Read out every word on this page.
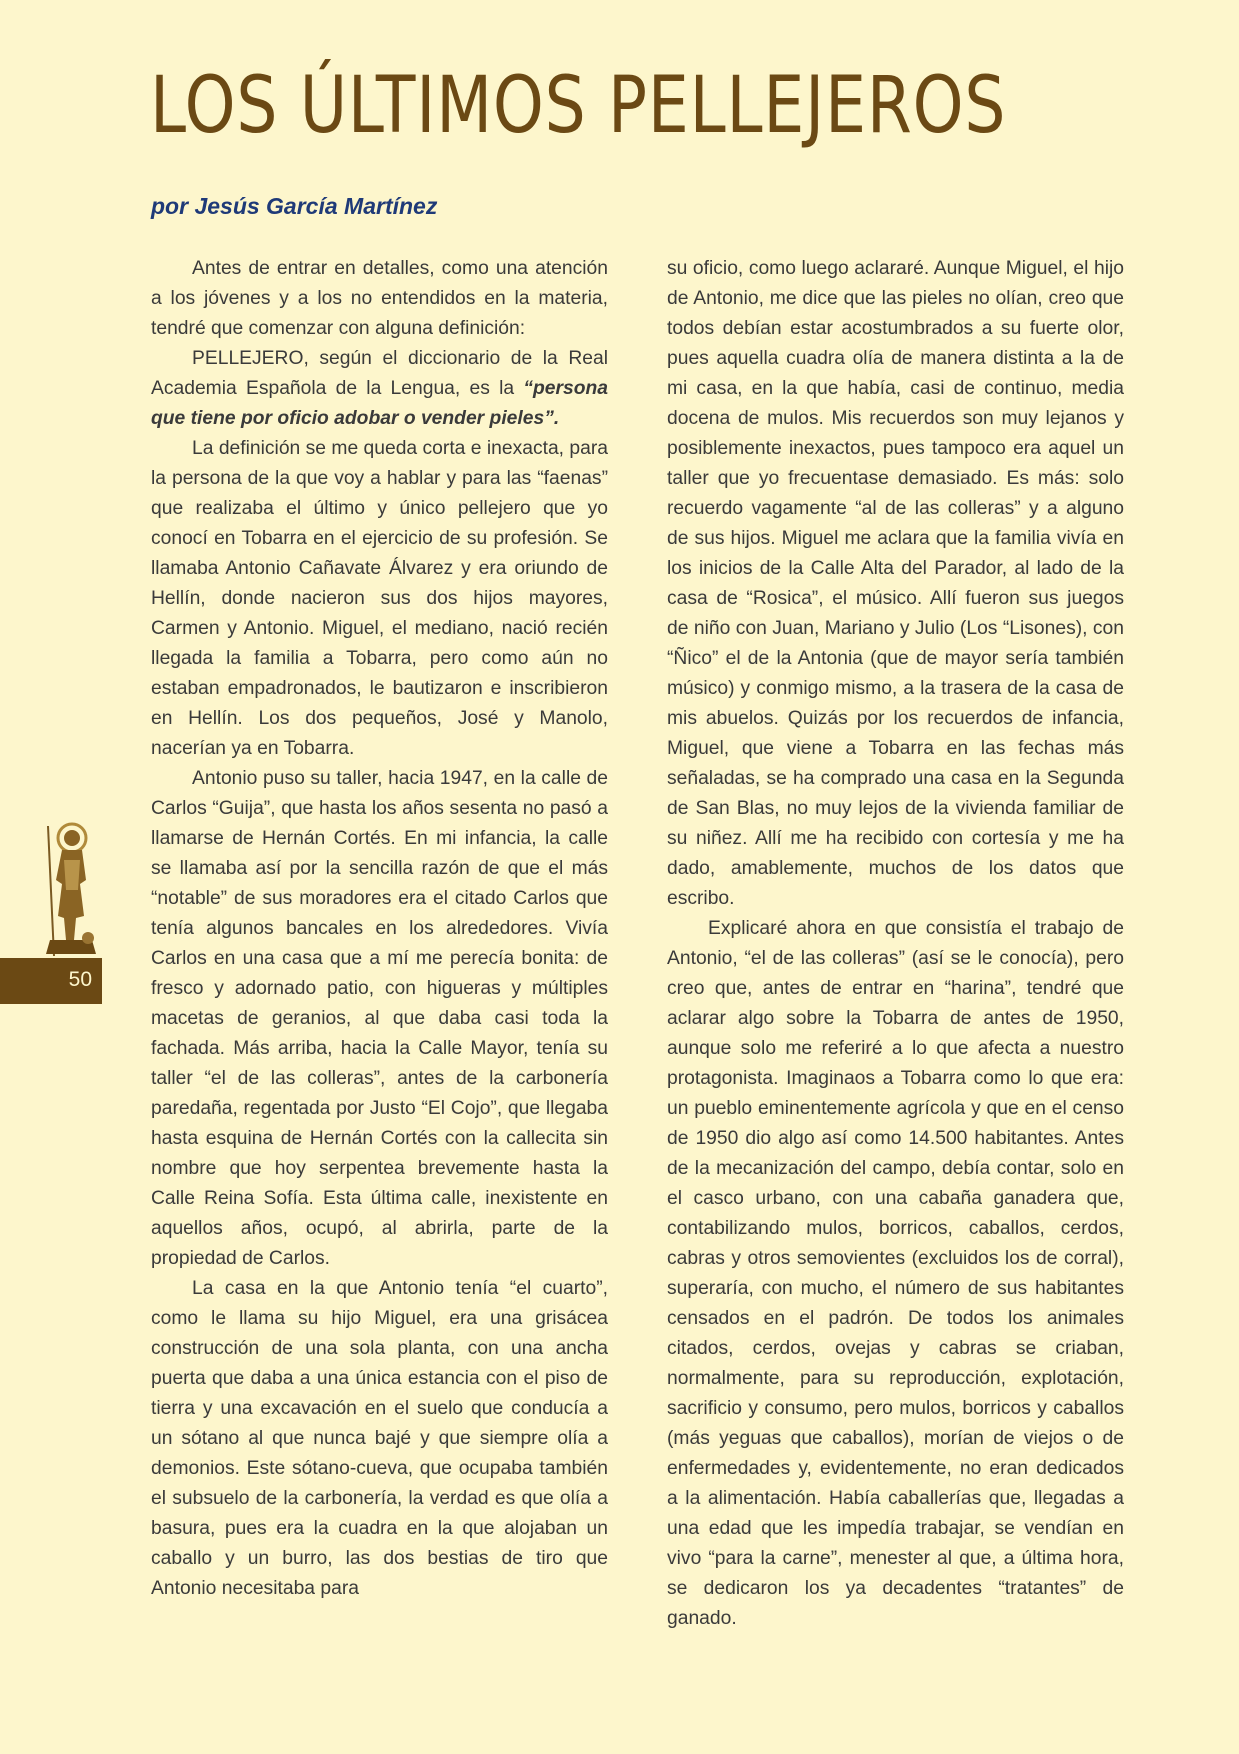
LOS ÚLTIMOS PELLEJEROS
por Jesús García Martínez

Antes de entrar en detalles, como una atención a los jóvenes y a los no entendidos en la materia, tendré que comenzar con alguna definición:

PELLEJERO, según el diccionario de la Real Academia Española de la Lengua, es la “persona que tiene por oficio adobar o vender pieles”.

La definición se me queda corta e inexacta, para la persona de la que voy a hablar y para las “faenas” que realizaba el último y único pellejero que yo conocí en Tobarra en el ejercicio de su profesión. Se llamaba Antonio Cañavate Álvarez y era oriundo de Hellín, donde nacieron sus dos hijos mayores, Carmen y Antonio. Miguel, el mediano, nació recién llegada la familia a Tobarra, pero como aún no estaban empadronados, le bautizaron e inscribieron en Hellín. Los dos pequeños, José y Manolo, nacerían ya en Tobarra.

Antonio puso su taller, hacia 1947, en la calle de Carlos “Guija”, que hasta los años sesenta no pasó a llamarse de Hernán Cortés. En mi infancia, la calle se llamaba así por la sencilla razón de que el más “notable” de sus moradores era el citado Carlos que tenía algunos bancales en los alrededores. Vivía Carlos en una casa que a mí me perecía bonita: de fresco y adornado patio, con higueras y múltiples macetas de geranios, al que daba casi toda la fachada. Más arriba, hacia la Calle Mayor, tenía su taller “el de las colleras”, antes de la carbonería paredaña, regentada por Justo “El Cojo”, que llegaba hasta esquina de Hernán Cortés con la callecita sin nombre que hoy serpentea brevemente hasta la Calle Reina Sofía. Esta última calle, inexistente en aquellos años, ocupó, al abrirla, parte de la propiedad de Carlos.

La casa en la que Antonio tenía “el cuarto”, como le llama su hijo Miguel, era una grisácea construcción de una sola planta, con una ancha puerta que daba a una única estancia con el piso de tierra y una excavación en el suelo que conducía a un sótano al que nunca bajé y que siempre olía a demonios. Este sótano-cueva, que ocupaba también el subsuelo de la carbonería, la verdad es que olía a basura, pues era la cuadra en la que alojaban un caballo y un burro, las dos bestias de tiro que Antonio necesitaba para

su oficio, como luego aclararé. Aunque Miguel, el hijo de Antonio, me dice que las pieles no olían, creo que todos debían estar acostumbrados a su fuerte olor, pues aquella cuadra olía de manera distinta a la de mi casa, en la que había, casi de continuo, media docena de mulos. Mis recuerdos son muy lejanos y posiblemente inexactos, pues tampoco era aquel un taller que yo frecuentase demasiado. Es más: solo recuerdo vagamente “al de las colleras” y a alguno de sus hijos. Miguel me aclara que la familia vivía en los inicios de la Calle Alta del Parador, al lado de la casa de “Rosica”, el músico. Allí fueron sus juegos de niño con Juan, Mariano y Julio (Los “Lisones), con “Ñico” el de la Antonia (que de mayor sería también músico) y conmigo mismo, a la trasera de la casa de mis abuelos. Quizás por los recuerdos de infancia, Miguel, que viene a Tobarra en las fechas más señaladas, se ha comprado una casa en la Segunda de San Blas, no muy lejos de la vivienda familiar de su niñez. Allí me ha recibido con cortesía y me ha dado, amablemente, muchos de los datos que escribo.

Explicaré ahora en que consistía el trabajo de Antonio, “el de las colleras” (así se le conocía), pero creo que, antes de entrar en “harina”, tendré que aclarar algo sobre la Tobarra de antes de 1950, aunque solo me referiré a lo que afecta a nuestro protagonista. Imaginaos a Tobarra como lo que era: un pueblo eminentemente agrícola y que en el censo de 1950 dio algo así como 14.500 habitantes. Antes de la mecanización del campo, debía contar, solo en el casco urbano, con una cabaña ganadera que, contabilizando mulos, borricos, caballos, cerdos, cabras y otros semovientes (excluidos los de corral), superaría, con mucho, el número de sus habitantes censados en el padrón. De todos los animales citados, cerdos, ovejas y cabras se criaban, normalmente, para su reproducción, explotación, sacrificio y consumo, pero mulos, borricos y caballos (más yeguas que caballos), morían de viejos o de enfermedades y, evidentemente, no eran dedicados a la alimentación. Había caballerías que, llegadas a una edad que les impedía trabajar, se vendían en vivo “para la carne”, menester al que, a última hora, se dedicaron los ya decadentes “tratantes” de ganado.

50
